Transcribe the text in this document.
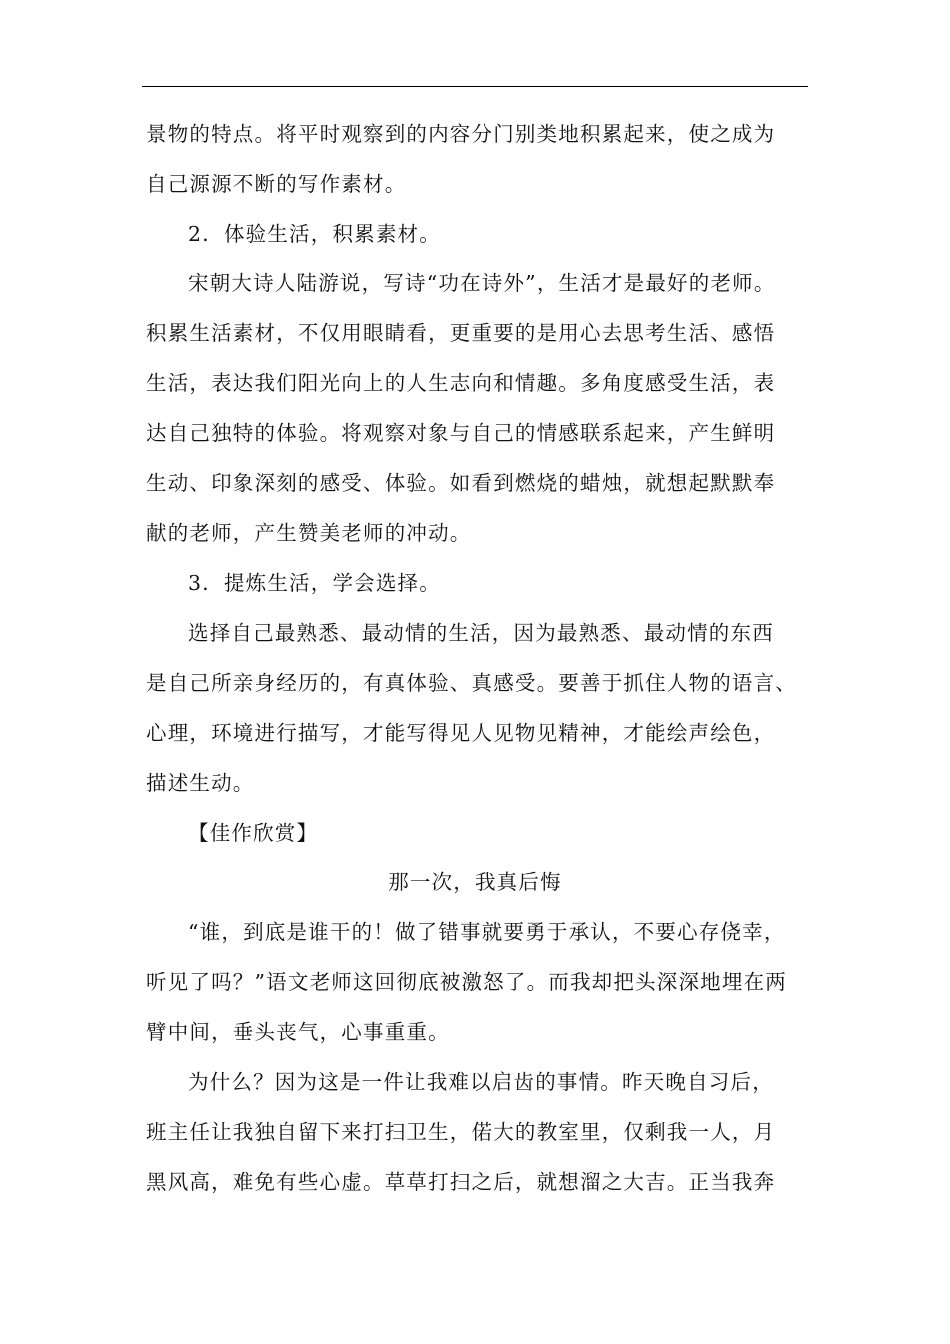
景物的特点。将平时观察到的内容分门别类地积累起来，使之成为
自己源源不断的写作素材。
2．体验生活，积累素材。
宋朝大诗人陆游说，写诗“功在诗外”，生活才是最好的老师。
积累生活素材，不仅用眼睛看，更重要的是用心去思考生活、感悟
生活，表达我们阳光向上的人生志向和情趣。多角度感受生活，表
达自己独特的体验。将观察对象与自己的情感联系起来，产生鲜明
生动、印象深刻的感受、体验。如看到燃烧的蜡烛，就想起默默奉
献的老师，产生赞美老师的冲动。
3．提炼生活，学会选择。
选择自己最熟悉、最动情的生活，因为最熟悉、最动情的东西
是自己所亲身经历的，有真体验、真感受。要善于抓住人物的语言、
心理，环境进行描写，才能写得见人见物见精神，才能绘声绘色，
描述生动。
【佳作欣赏】
那一次，我真后悔
“谁，到底是谁干的！做了错事就要勇于承认，不要心存侥幸，
听见了吗？”语文老师这回彻底被激怒了。而我却把头深深地埋在两
臂中间，垂头丧气，心事重重。
为什么？因为这是一件让我难以启齿的事情。昨天晚自习后，
班主任让我独自留下来打扫卫生，偌大的教室里，仅剩我一人，月
黑风高，难免有些心虚。草草打扫之后，就想溜之大吉。正当我奔
